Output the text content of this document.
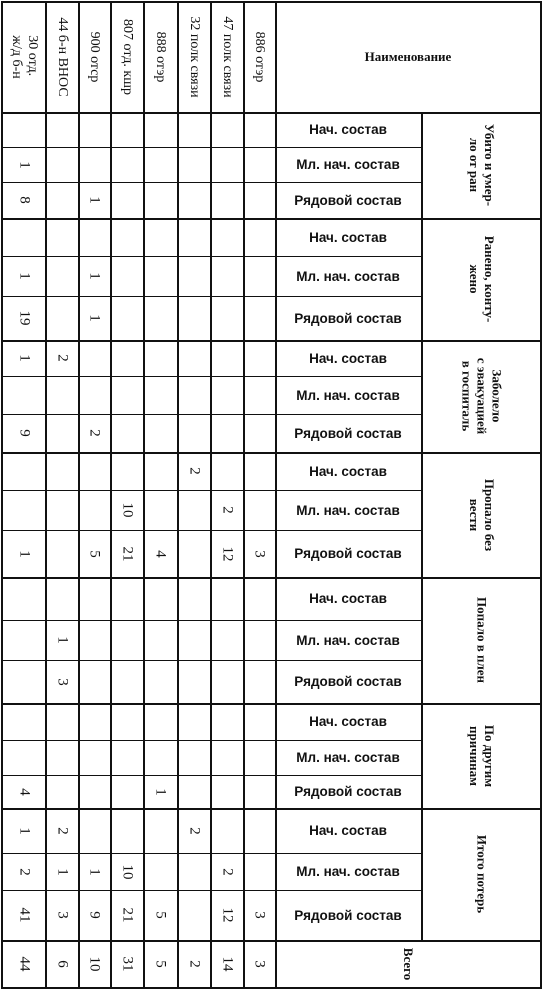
886 отэр
47 полк связи
32 полк связи
888 отэр
807 отд. кшр
900 отср
44 б-н ВНОС
30 отд.
ж/д б-н
Наименование
Убито и умер-
ло от ран
Нач. состав
Мл. нач. состав
Рядовой состав
Ранено, конту-
жено
Нач. состав
Мл. нач. состав
Рядовой состав
Заболело
с эвакуацией
в госпиталь
Нач. состав
Мл. нач. состав
Рядовой состав
Пропало без
вести
Нач. состав
Мл. нач. состав
Рядовой состав
Попало в плен
Нач. состав
Мл. нач. состав
Рядовой состав
По другим
причинам
Нач. состав
Мл. нач. состав
Рядовой состав
Итого потерь
Нач. состав
Мл. нач. состав
Рядовой состав
Всего
3
3
3
2
12
2
12
14
2
2
2
4
1
5
5
10
21
10
21
31
1
1
1
2
5
1
9
10
2
1
3
2
1
3
6
1
8
1
19
1
9
1
4
1
2
41
44
